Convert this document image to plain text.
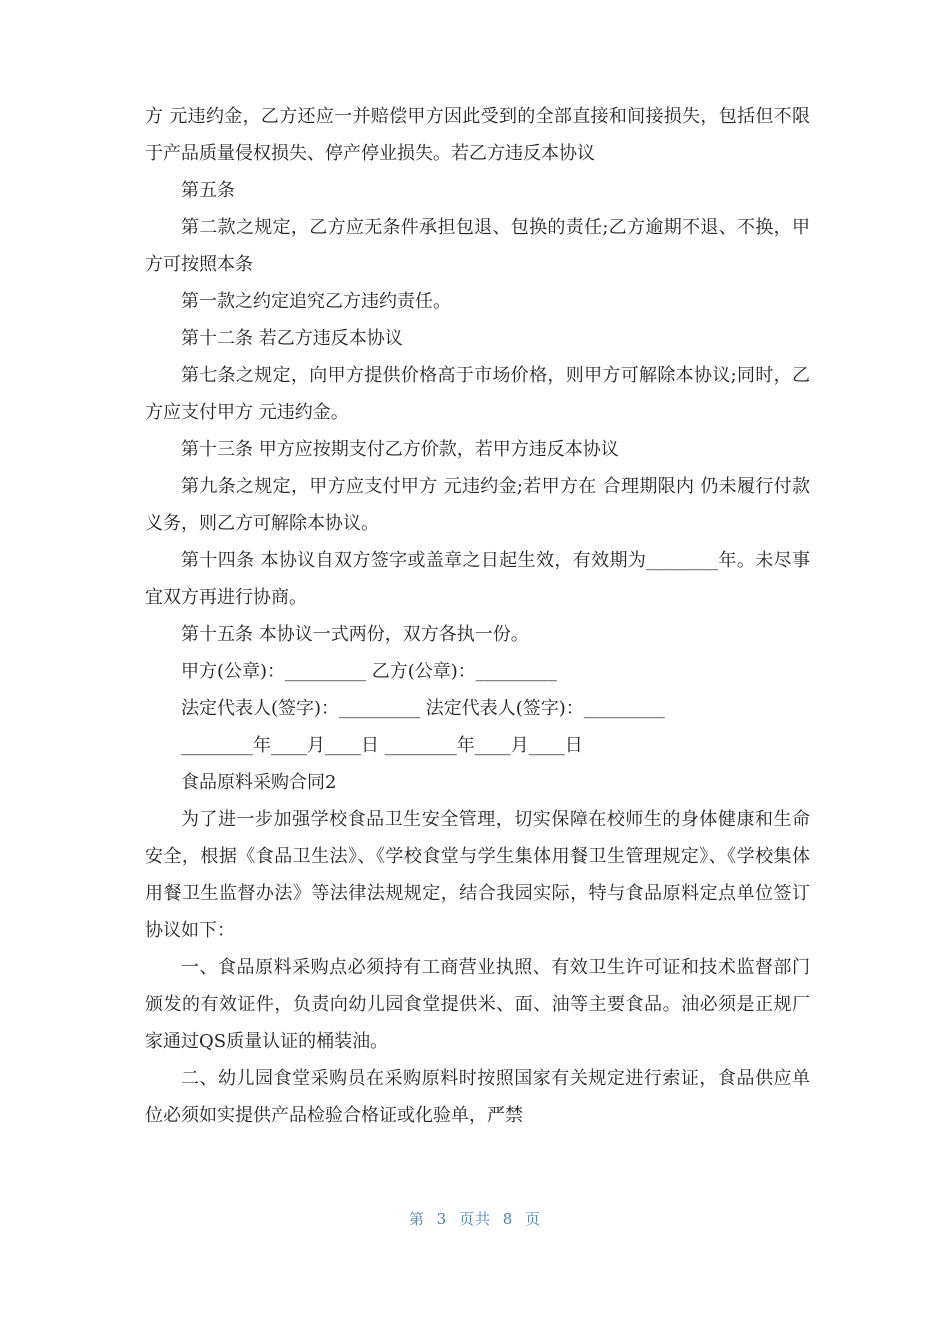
方 元违约金，乙方还应一并赔偿甲方因此受到的全部直接和间接损失，包括但不限于产品质量侵权损失、停产停业损失。若乙方违反本协议

第五条

第二款之规定，乙方应无条件承担包退、包换的责任;乙方逾期不退、不换，甲方可按照本条

第一款之约定追究乙方违约责任。

第十二条 若乙方违反本协议

第七条之规定，向甲方提供价格高于市场价格，则甲方可解除本协议;同时，乙方应支付甲方 元违约金。

第十三条 甲方应按期支付乙方价款，若甲方违反本协议

第九条之规定，甲方应支付甲方 元违约金;若甲方在 合理期限内 仍未履行付款义务，则乙方可解除本协议。

第十四条 本协议自双方签字或盖章之日起生效，有效期为________年。未尽事宜双方再进行协商。

第十五条 本协议一式两份，双方各执一份。

甲方(公章)：_________ 乙方(公章)：_________

法定代表人(签字)：_________ 法定代表人(签字)：_________

________年____月____日 ________年____月____日

食品原料采购合同2

为了进一步加强学校食品卫生安全管理，切实保障在校师生的身体健康和生命安全，根据《食品卫生法》、《学校食堂与学生集体用餐卫生管理规定》、《学校集体用餐卫生监督办法》等法律法规规定，结合我园实际，特与食品原料定点单位签订协议如下：

一、食品原料采购点必须持有工商营业执照、有效卫生许可证和技术监督部门颁发的有效证件，负责向幼儿园食堂提供米、面、油等主要食品。油必须是正规厂家通过QS质量认证的桶装油。

二、幼儿园食堂采购员在采购原料时按照国家有关规定进行索证，食品供应单位必须如实提供产品检验合格证或化验单，严禁

第 3 页共 8 页
